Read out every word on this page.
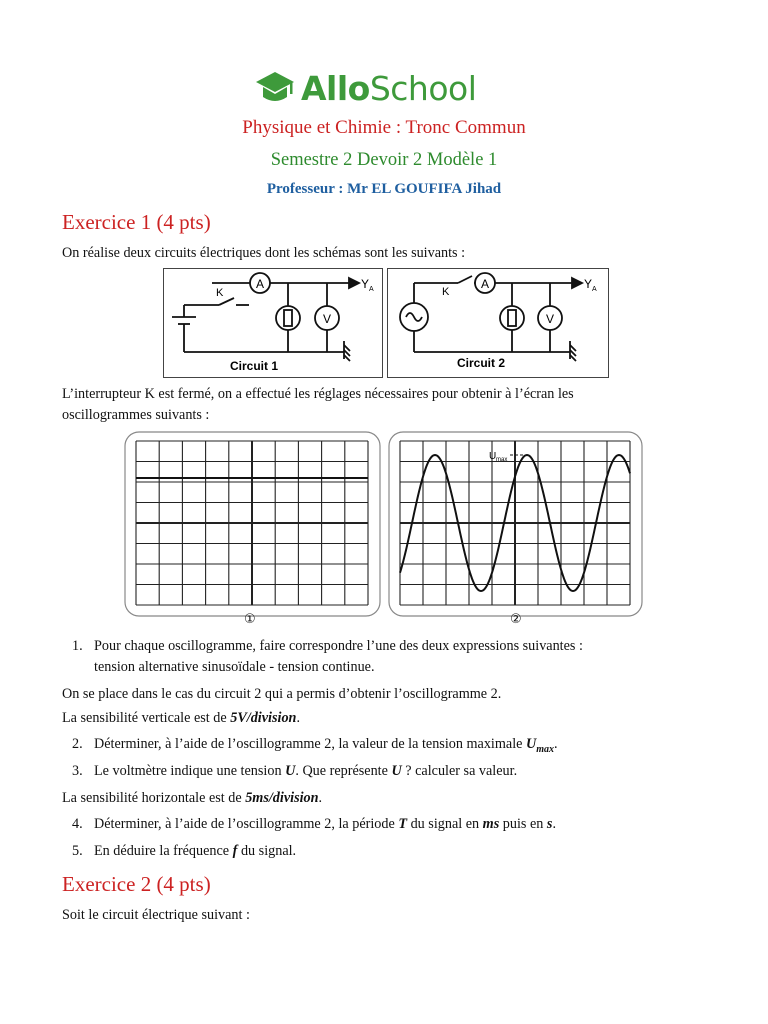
AlloSchool
Physique et Chimie : Tronc Commun
Semestre 2 Devoir 2 Modèle 1
Professeur : Mr EL GOUFIFA Jihad
Exercice 1 (4 pts)
On réalise deux circuits électriques dont les schémas sont les suivants :
K
A
V
Y A
Circuit 1
K
A
V
Y A
Circuit 2
L’interrupteur K est fermé, on a effectué les réglages nécessaires pour obtenir à l’écran les
oscillogrammes suivants :
①
U max
②
1. Pour chaque oscillogramme, faire correspondre l’une des deux expressions suivantes :
tension alternative sinusoïdale - tension continue.
On se place dans le cas du circuit 2 qui a permis d’obtenir l’oscillogramme 2.
La sensibilité verticale est de 5V/division.
2. Déterminer, à l’aide de l’oscillogramme 2, la valeur de la tension maximale $U_{max}$.
3. Le voltmètre indique une tension U. Que représente U ? calculer sa valeur.
La sensibilité horizontale est de 5ms/division.
4. Déterminer, à l’aide de l’oscillogramme 2, la période T du signal en ms puis en s.
5. En déduire la fréquence f du signal.
Exercice 2 (4 pts)
Soit le circuit électrique suivant :
